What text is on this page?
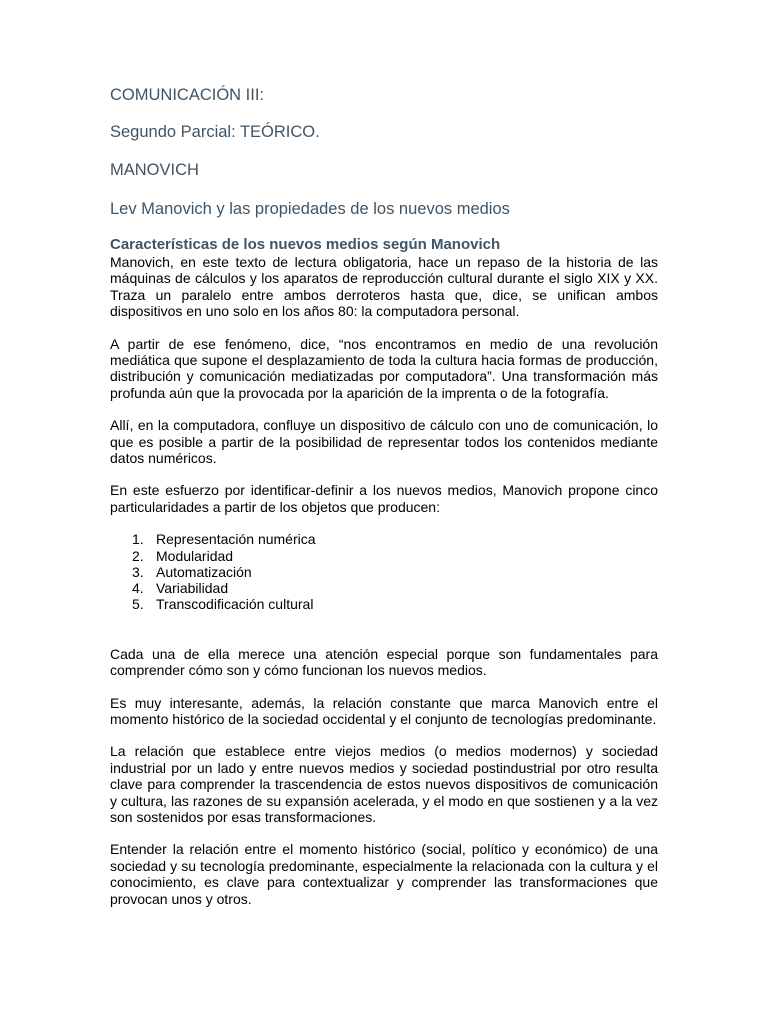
COMUNICACIÓN III:

Segundo Parcial: TEÓRICO.

MANOVICH

Lev Manovich y las propiedades de los nuevos medios

Características de los nuevos medios según Manovich

Manovich, en este texto de lectura obligatoria, hace un repaso de la historia de las máquinas de cálculos y los aparatos de reproducción cultural durante el siglo XIX y XX. Traza un paralelo entre ambos derroteros hasta que, dice, se unifican ambos dispositivos en uno solo en los años 80: la computadora personal.

A partir de ese fenómeno, dice, “nos encontramos en medio de una revolución mediática que supone el desplazamiento de toda la cultura hacia formas de producción, distribución y comunicación mediatizadas por computadora”. Una transformación más profunda aún que la provocada por la aparición de la imprenta o de la fotografía.

Allí, en la computadora, confluye un dispositivo de cálculo con uno de comunicación, lo que es posible a partir de la posibilidad de representar todos los contenidos mediante datos numéricos.

En este esfuerzo por identificar-definir a los nuevos medios, Manovich propone cinco particularidades a partir de los objetos que producen:

1. Representación numérica
2. Modularidad
3. Automatización
4. Variabilidad
5. Transcodificación cultural

Cada una de ella merece una atención especial porque son fundamentales para comprender cómo son y cómo funcionan los nuevos medios.

Es muy interesante, además, la relación constante que marca Manovich entre el momento histórico de la sociedad occidental y el conjunto de tecnologías predominante.

La relación que establece entre viejos medios (o medios modernos) y sociedad industrial por un lado y entre nuevos medios y sociedad postindustrial por otro resulta clave para comprender la trascendencia de estos nuevos dispositivos de comunicación y cultura, las razones de su expansión acelerada, y el modo en que sostienen y a la vez son sostenidos por esas transformaciones.

Entender la relación entre el momento histórico (social, político y económico) de una sociedad y su tecnología predominante, especialmente la relacionada con la cultura y el conocimiento, es clave para contextualizar y comprender las transformaciones que provocan unos y otros.
